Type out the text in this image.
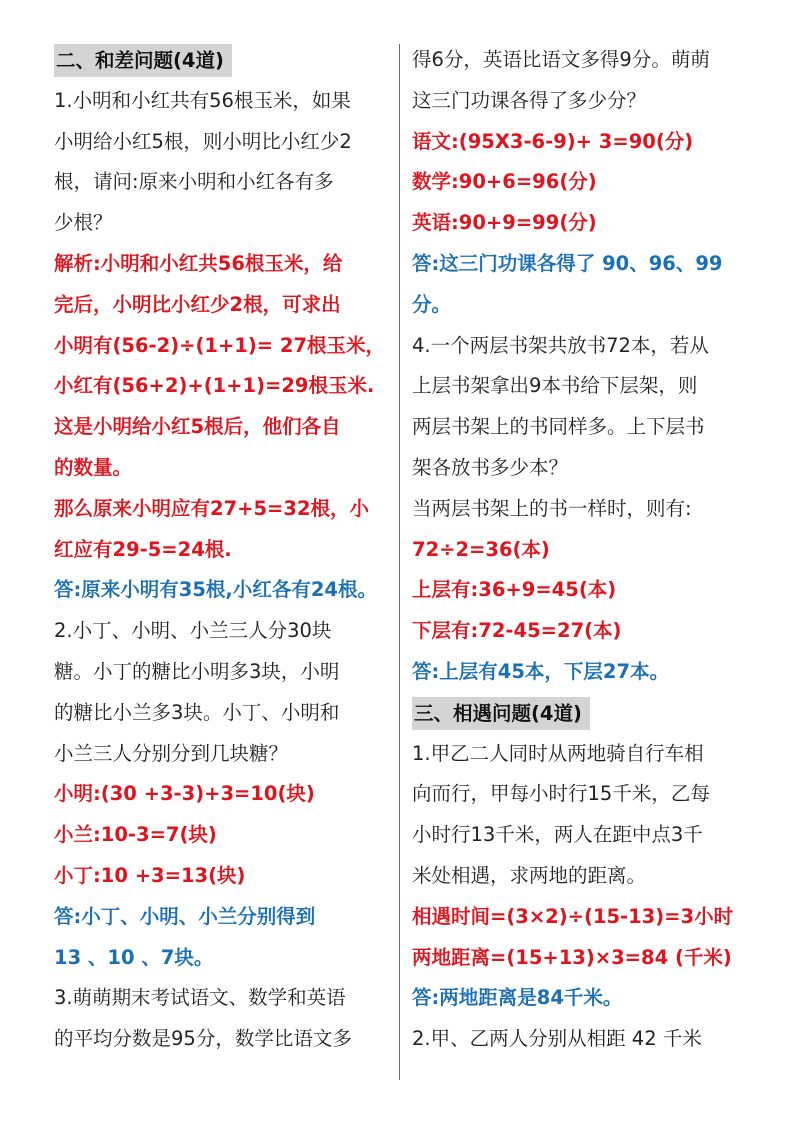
二、和差问题(4道)
1.小明和小红共有56根玉米，如果
小明给小红5根，则小明比小红少2
根，请问:原来小明和小红各有多
少根？
解析:小明和小红共56根玉米，给
完后，小明比小红少2根，可求出
小明有(56-2)÷(1+1)= 27根玉米，
小红有(56+2)+(1+1)=29根玉米.
这是小明给小红5根后，他们各自
的数量。
那么原来小明应有27+5=32根，小
红应有29-5=24根.
答:原来小明有35根,小红各有24根。
2.小丁、小明、小兰三人分30块
糖。小丁的糖比小明多3块，小明
的糖比小兰多3块。小丁、小明和
小兰三人分别分到几块糖？
小明:(30 +3-3)+3=10(块)
小兰:10-3=7(块)
小丁:10 +3=13(块)
答:小丁、小明、小兰分别得到
13 、10 、7块。
3.萌萌期末考试语文、数学和英语
的平均分数是95分，数学比语文多
得6分，英语比语文多得9分。萌萌
这三门功课各得了多少分？
语文:(95X3-6-9)+ 3=90(分)
数学:90+6=96(分)
英语:90+9=99(分)
答:这三门功课各得了 90、96、99
分。
4.一个两层书架共放书72本，若从
上层书架拿出9本书给下层架，则
两层书架上的书同样多。上下层书
架各放书多少本？
当两层书架上的书一样时，则有:
72÷2=36(本)
上层有:36+9=45(本)
下层有:72-45=27(本)
答:上层有45本，下层27本。
三、相遇问题(4道)
1.甲乙二人同时从两地骑自行车相
向而行，甲每小时行15千米，乙每
小时行13千米，两人在距中点3千
米处相遇，求两地的距离。
相遇时间=(3×2)÷(15-13)=3小时
两地距离=(15+13)×3=84 (千米)
答:两地距离是84千米。
2.甲、乙两人分别从相距 42 千米
